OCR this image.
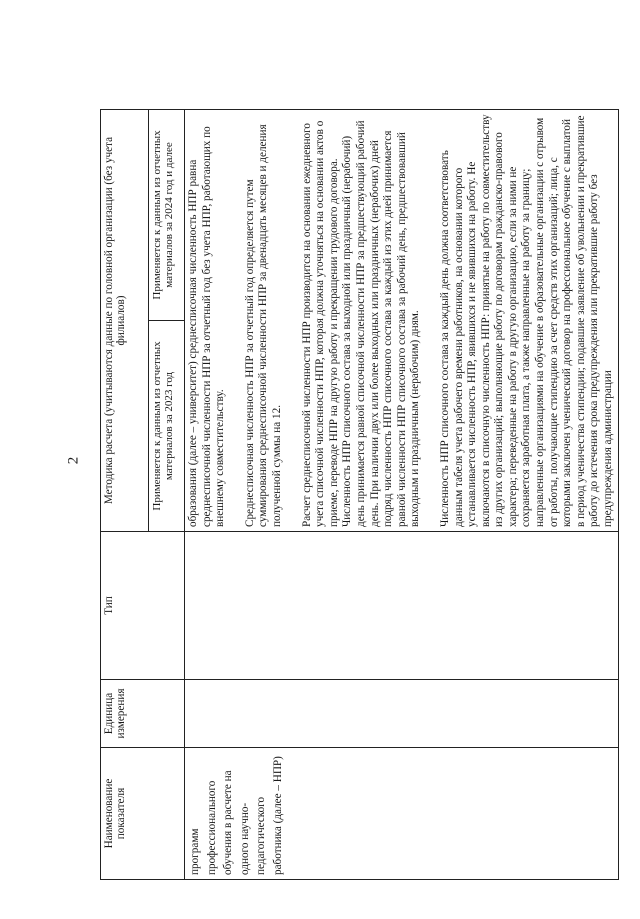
2
Наименование показателя	Единица измерения	Тип	Методика расчета (учитываются данные по головной организации (без учета филиалов)	
			Применяется к данным из отчетных материалов за 2023 год	Применяется к данным из отчетных материалов за 2024 год и далее
программ профессионального обучения в расчете на одного научно-педагогического работника (далее – НПР)			образования (далее – университет) среднесписочная численность НПР равна среднесписочной численности НПР за отчетный год без учета НПР, работающих по внешнему совместительству. Среднесписочная численность НПР за отчетный год определяется путем суммирования среднесписочной численности НПР за двенадцать месяцев и деления полученной суммы на 12. Расчет среднесписочной численности НПР производится на основании ежедневного учета списочной численности НПР, которая должна уточняться на основании актов о приеме, переводе НПР на другую работу и прекращении трудового договора. Численность НПР списочного состава за выходной или праздничный (нерабочий) день принимается равной списочной численности НПР за предшествующий рабочий день. При наличии двух или более выходных или праздничных (нерабочих) дней подряд численность НПР списочного состава за каждый из этих дней принимается равной численности НПР списочного состава за рабочий день, предшествовавший выходным и праздничным (нерабочим) дням. Численность НПР списочного состава за каждый день должна соответствовать данным табеля учета рабочего времени работников, на основании которого устанавливается численность НПР, явившихся и не явившихся на работу. Не включаются в списочную численность НПР: принятые на работу по совместительству из других организаций; выполняющие работу по договорам гражданско-правового характера; переведенные на работу в другую организацию, если за ними не сохраняется заработная плата, а также направленные на работу за границу; направленные организациями на обучение в образовательные организации с отрывом от работы, получающие стипендию за счет средств этих организаций; лица, с которыми заключен ученический договор на профессиональное обучение с выплатой в период ученичества стипендии; подавшие заявление об увольнении и прекратившие работу до истечения срока предупреждения или прекратившие работу без предупреждения администрации	
